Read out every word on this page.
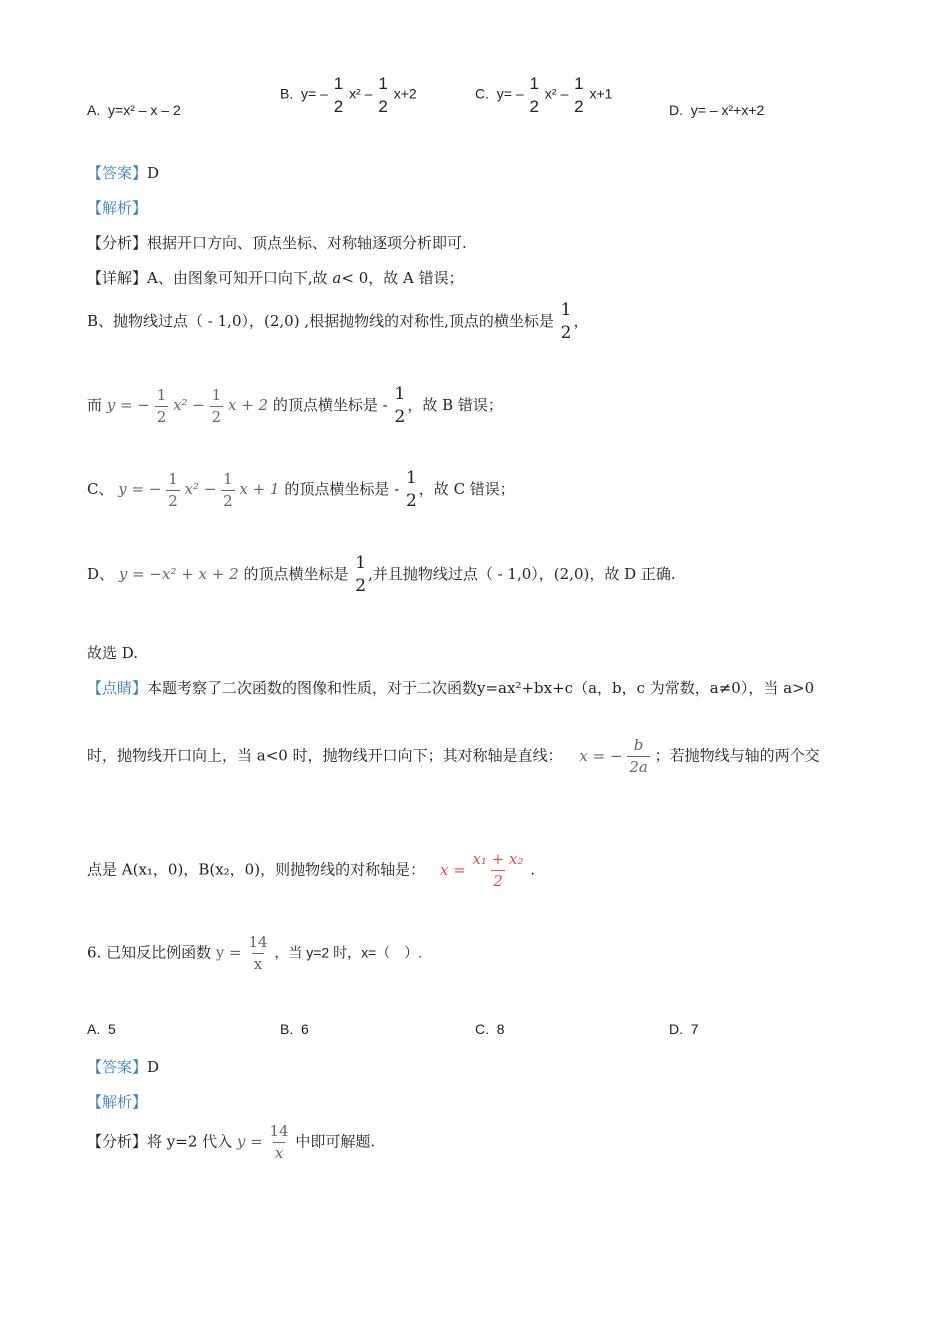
A. y=x² – x – 2
B. y= –
1
2
x² –
1
2
x+2	C. y= –
1
2
x² –
1
2
x+1
D. y= – x²+x+2
【答案】D
【解析】
【分析】根据开口方向、顶点坐标、对称轴逐项分析即可.
【详解】A、由图象可知开口向下,故 a< 0，故 A 错误；
B、抛物线过点（ - 1,0），(2,0) ,根据抛物线的对称性,顶点的横坐标是
1
2
，
而 y = − $\frac{1}{2} x^2 - \frac{1}{2}$ x + 2 的顶点横坐标是 -
1
2
，故 B 错误；
C、 y = − $\frac{1}{2} x^2 - \frac{1}{2}$ x + 1 的顶点横坐标是 -
1
2
，故 C 错误；
D、 y = −x² + x + 2 的顶点横坐标是
1
2
,并且抛物线过点（ - 1,0），(2,0)，故 D 正确.
故选 D.
【点睛】本题考察了二次函数的图像和性质，对于二次函数y=ax²+bx+c（a，b，c 为常数，a≠0），当 a>0
时，抛物线开口向上，当 a<0 时，抛物线开口向下；其对称轴是直线： x = − $\frac{b}{2a}$ ；若抛物线与轴的两个交
点是 A(x₁，0)，B(x₂，0)，则抛物线的对称轴是： $x = \frac{\text{x₁ + x₂}}{2}$ .
6. 已知反比例函数 $y = \frac{14}{x}$ ，当 y=2 时，x=（　）.
A. 5	B. 6	C. 8	D. 7
【答案】D
【解析】
【分析】将 y=2 代入 $y = \frac{14}{x}$ 中即可解题.
